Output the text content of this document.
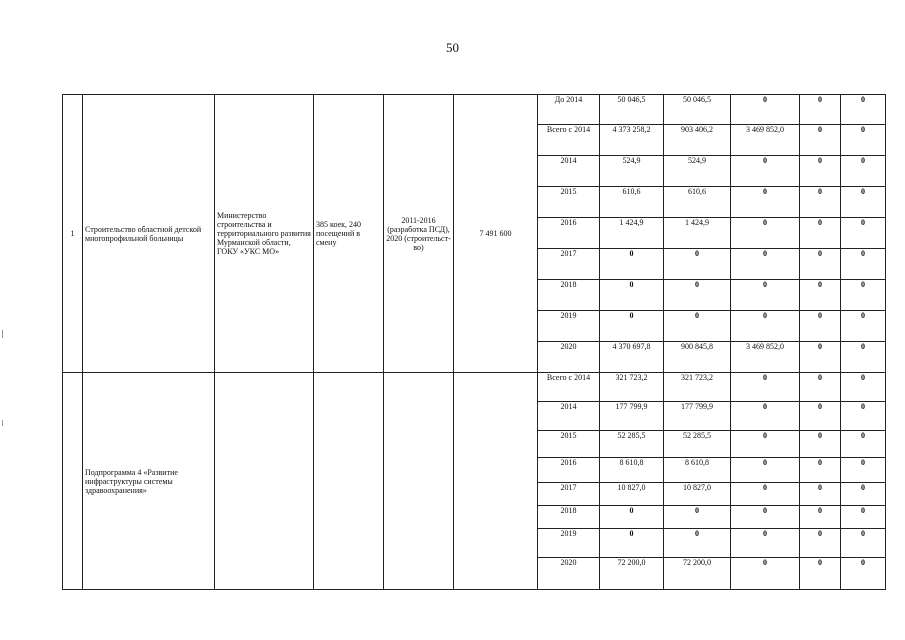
50
1	Строительство областной детской многопрофильной больницы	Министерство строительства и территориального развития Мурманской области, ГОКУ «УКС МО»	385 коек, 240 посещений в смену	2011-2016 (разработка ПСД), 2020 (строительст-во)	7 491 600	До 2014	50 046,5	50 046,5	0	0	0
						Всего с 2014	4 373 258,2	903 406,2	3 469 852,0	0	0
						2014	524,9	524,9	0	0	0
						2015	610,6	610,6	0	0	0
						2016	1 424,9	1 424,9	0	0	0
						2017	0	0	0	0	0
						2018	0	0	0	0	0
						2019	0	0	0	0	0
						2020	4 370 697,8	900 845,8	3 469 852,0	0	0
	Подпрограмма 4 «Развитие инфраструктуры системы здравоохранения»					Всего с 2014	321 723,2	321 723,2	0	0	0
						2014	177 799,9	177 799,9	0	0	0
						2015	52 285,5	52 285,5	0	0	0
						2016	8 610,8	8 610,8	0	0	0
						2017	10 827,0	10 827,0	0	0	0
						2018	0	0	0	0	0
						2019	0	0	0	0	0
						2020	72 200,0	72 200,0	0	0	0
